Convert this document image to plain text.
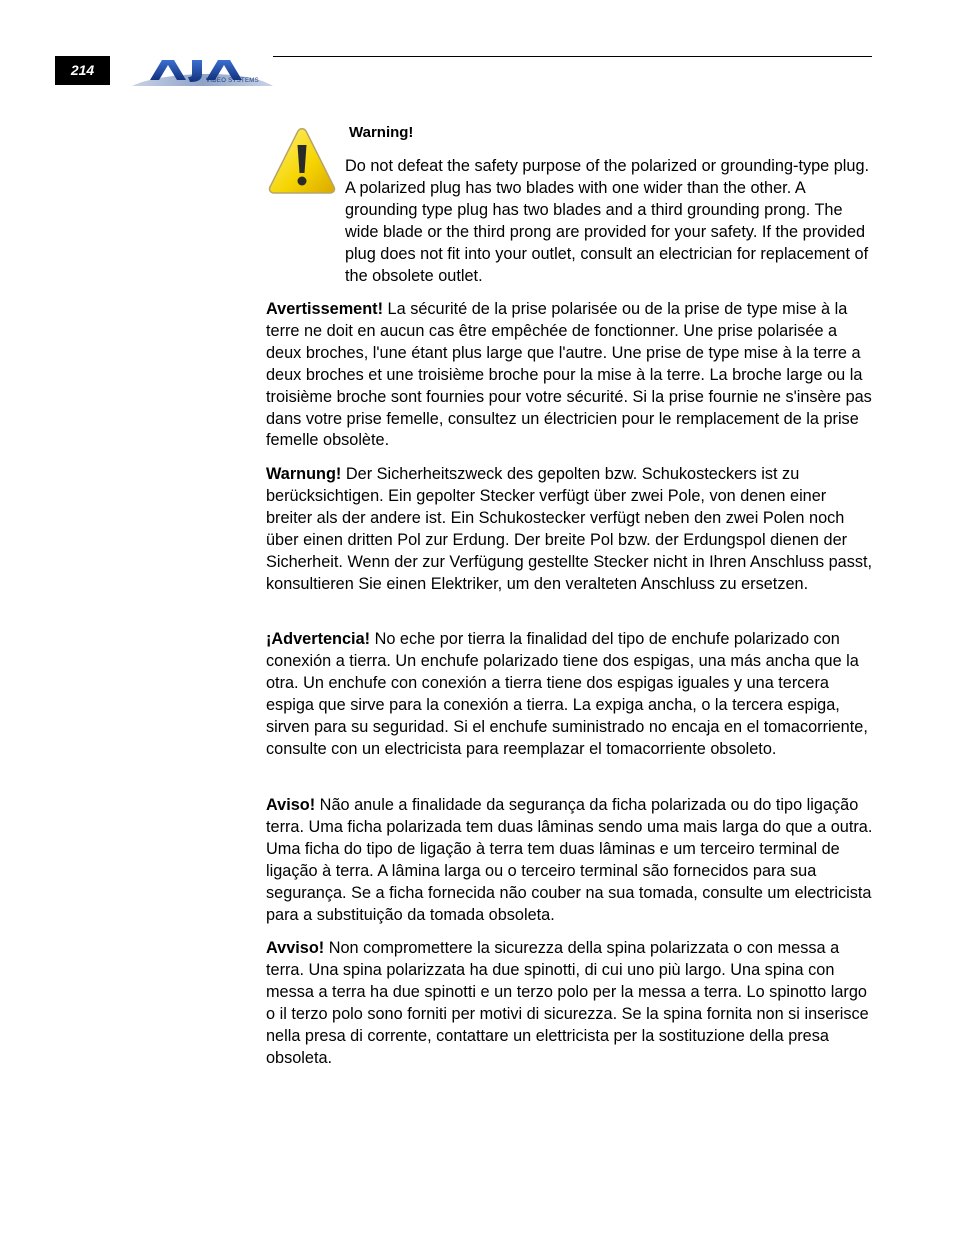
214
VIDEO SYSTEMS
Warning!
Do not defeat the safety purpose of the polarized or grounding-type plug. A polarized plug has two blades with one wider than the other. A grounding type plug has two blades and a third grounding prong. The wide blade or the third prong are provided for your safety. If the provided plug does not fit into your outlet, consult an electrician for replacement of the obsolete outlet.
Avertissement! La sécurité de la prise polarisée ou de la prise de type mise à la terre ne doit en aucun cas être empêchée de fonctionner. Une prise polarisée a deux broches, l'une étant plus large que l'autre. Une prise de type mise à la terre a deux broches et une troisième broche pour la mise à la terre. La broche large ou la troisième broche sont fournies pour votre sécurité. Si la prise fournie ne s'insère pas dans votre prise femelle, consultez un électricien pour le remplacement de la prise femelle obsolète.
Warnung! Der Sicherheitszweck des gepolten bzw. Schukosteckers ist zu berücksichtigen. Ein gepolter Stecker verfügt über zwei Pole, von denen einer breiter als der andere ist. Ein Schukostecker verfügt neben den zwei Polen noch über einen dritten Pol zur Erdung. Der breite Pol bzw. der Erdungspol dienen der Sicherheit. Wenn der zur Verfügung gestellte Stecker nicht in Ihren Anschluss passt, konsultieren Sie einen Elektriker, um den veralteten Anschluss zu ersetzen.
¡Advertencia! No eche por tierra la finalidad del tipo de enchufe polarizado con conexión a tierra. Un enchufe polarizado tiene dos espigas, una más ancha que la otra. Un enchufe con conexión a tierra tiene dos espigas iguales y una tercera espiga que sirve para la conexión a tierra. La expiga ancha, o la tercera espiga, sirven para su seguridad. Si el enchufe suministrado no encaja en el tomacorriente, consulte con un electricista para reemplazar el tomacorriente obsoleto.
Aviso! Não anule a finalidade da segurança da ficha polarizada ou do tipo ligação terra. Uma ficha polarizada tem duas lâminas sendo uma mais larga do que a outra. Uma ficha do tipo de ligação à terra tem duas lâminas e um terceiro terminal de ligação à terra. A lâmina larga ou o terceiro terminal são fornecidos para sua segurança. Se a ficha fornecida não couber na sua tomada, consulte um electricista para a substituição da tomada obsoleta.
Avviso! Non compromettere la sicurezza della spina polarizzata o con messa a terra. Una spina polarizzata ha due spinotti, di cui uno più largo. Una spina con messa a terra ha due spinotti e un terzo polo per la messa a terra. Lo spinotto largo o il terzo polo sono forniti per motivi di sicurezza. Se la spina fornita non si inserisce nella presa di corrente, contattare un elettricista per la sostituzione della presa obsoleta.
